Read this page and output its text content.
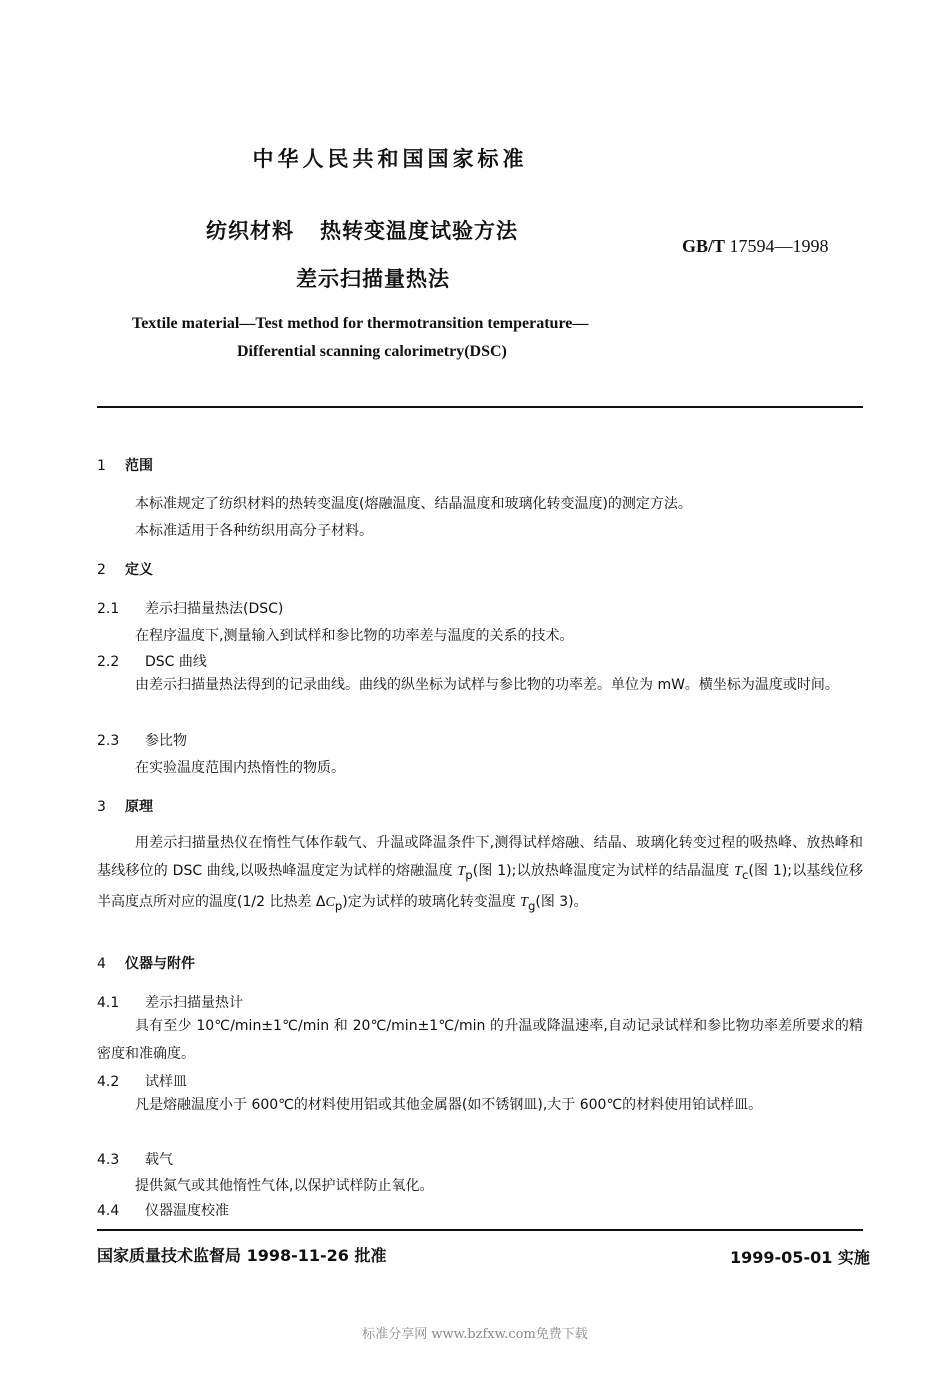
中华人民共和国国家标准
纺织材料 热转变温度试验方法
差示扫描量热法
GB/T 17594—1998
Textile material—Test method for thermotransition temperature—
Differential scanning calorimetry(DSC)
1 范围
本标准规定了纺织材料的热转变温度(熔融温度、结晶温度和玻璃化转变温度)的测定方法。
本标准适用于各种纺织用高分子材料。
2 定义
2.1 差示扫描量热法(DSC)
在程序温度下,测量输入到试样和参比物的功率差与温度的关系的技术。
2.2 DSC 曲线
由差示扫描量热法得到的记录曲线。曲线的纵坐标为试样与参比物的功率差。单位为 mW。横坐标为温度或时间。
2.3 参比物
在实验温度范围内热惰性的物质。
3 原理
用差示扫描量热仪在惰性气体作载气、升温或降温条件下,测得试样熔融、结晶、玻璃化转变过程的吸热峰、放热峰和基线移位的 DSC 曲线,以吸热峰温度定为试样的熔融温度 $T_p$(图 1);以放热峰温度定为试样的结晶温度 $T_c$(图 1);以基线位移半高度点所对应的温度(1/2 比热差 $\Delta C_p$)定为试样的玻璃化转变温度 $T_g$(图 3)。
4 仪器与附件
4.1 差示扫描量热计
具有至少 10℃/min±1℃/min 和 20℃/min±1℃/min 的升温或降温速率,自动记录试样和参比物功率差所要求的精密度和准确度。
4.2 试样皿
凡是熔融温度小于 600℃的材料使用铝或其他金属器(如不锈钢皿),大于 600℃的材料使用铂试样皿。
4.3 载气
提供氮气或其他惰性气体,以保护试样防止氧化。
4.4 仪器温度校准
国家质量技术监督局 1998-11-26 批准	1999-05-01 实施
标准分享网 www.bzfxw.com免费下载
